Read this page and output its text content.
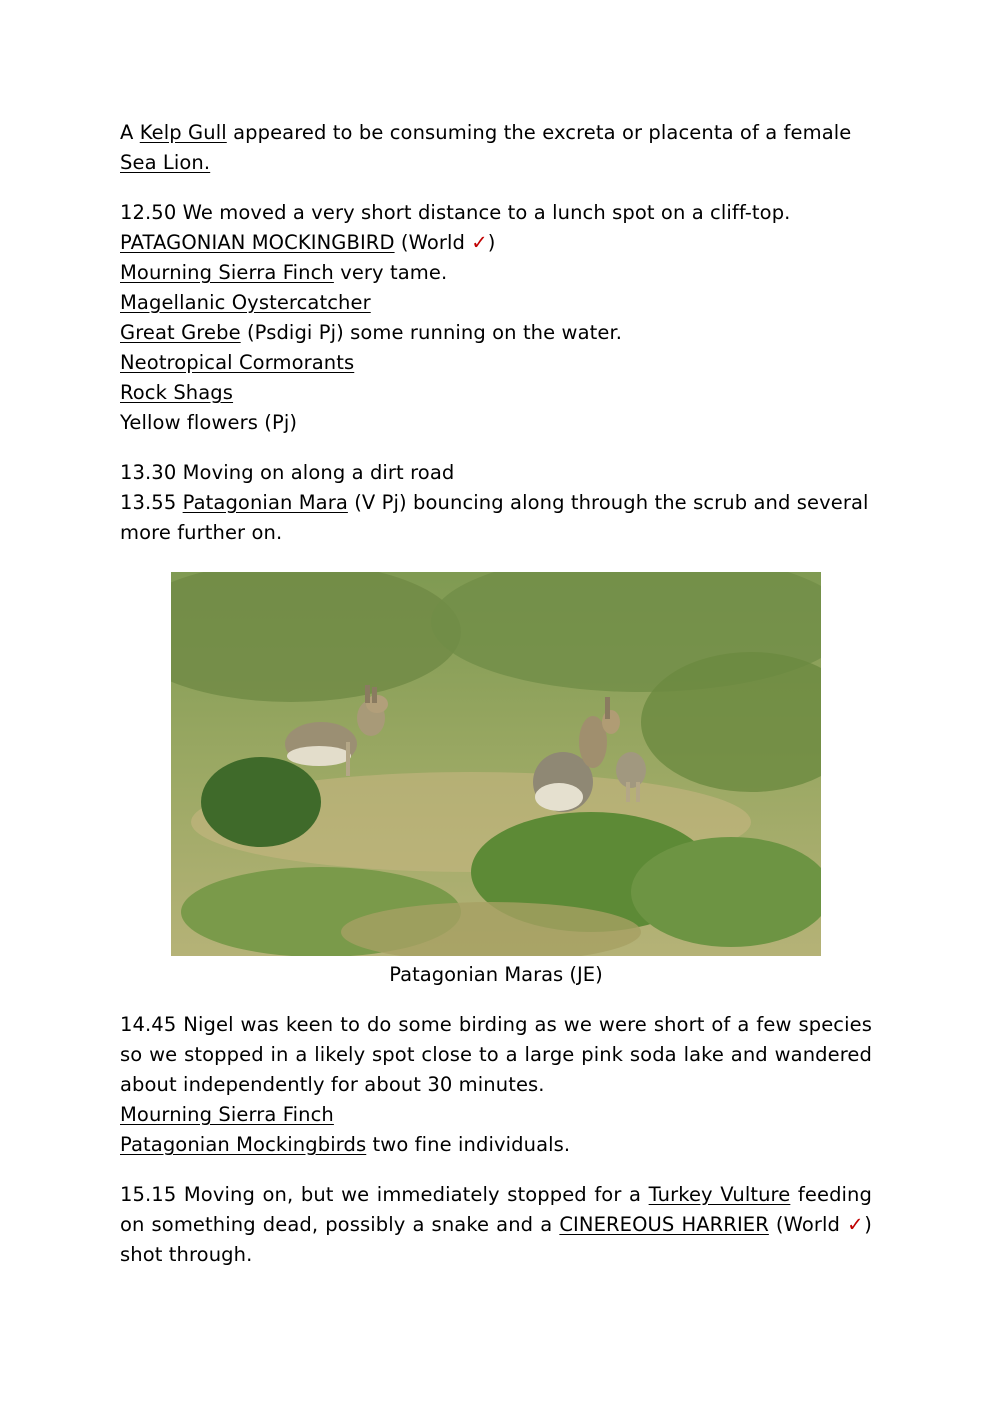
A Kelp Gull appeared to be consuming the excreta or placenta of a female Sea Lion.

12.50 We moved a very short distance to a lunch spot on a cliff-top.
PATAGONIAN MOCKINGBIRD (World ✓)
Mourning Sierra Finch very tame.
Magellanic Oystercatcher
Great Grebe (Psdigi Pj) some running on the water.
Neotropical Cormorants
Rock Shags
Yellow flowers (Pj)

13.30 Moving on along a dirt road
13.55 Patagonian Mara (V Pj) bouncing along through the scrub and several more further on.

Patagonian Maras (JE)

14.45 Nigel was keen to do some birding as we were short of a few species so we stopped in a likely spot close to a large pink soda lake and wandered about independently for about 30 minutes.

Mourning Sierra Finch
Patagonian Mockingbirds two fine individuals.

15.15 Moving on, but we immediately stopped for a Turkey Vulture feeding on something dead, possibly a snake and a CINEREOUS HARRIER (World ✓) shot through.
